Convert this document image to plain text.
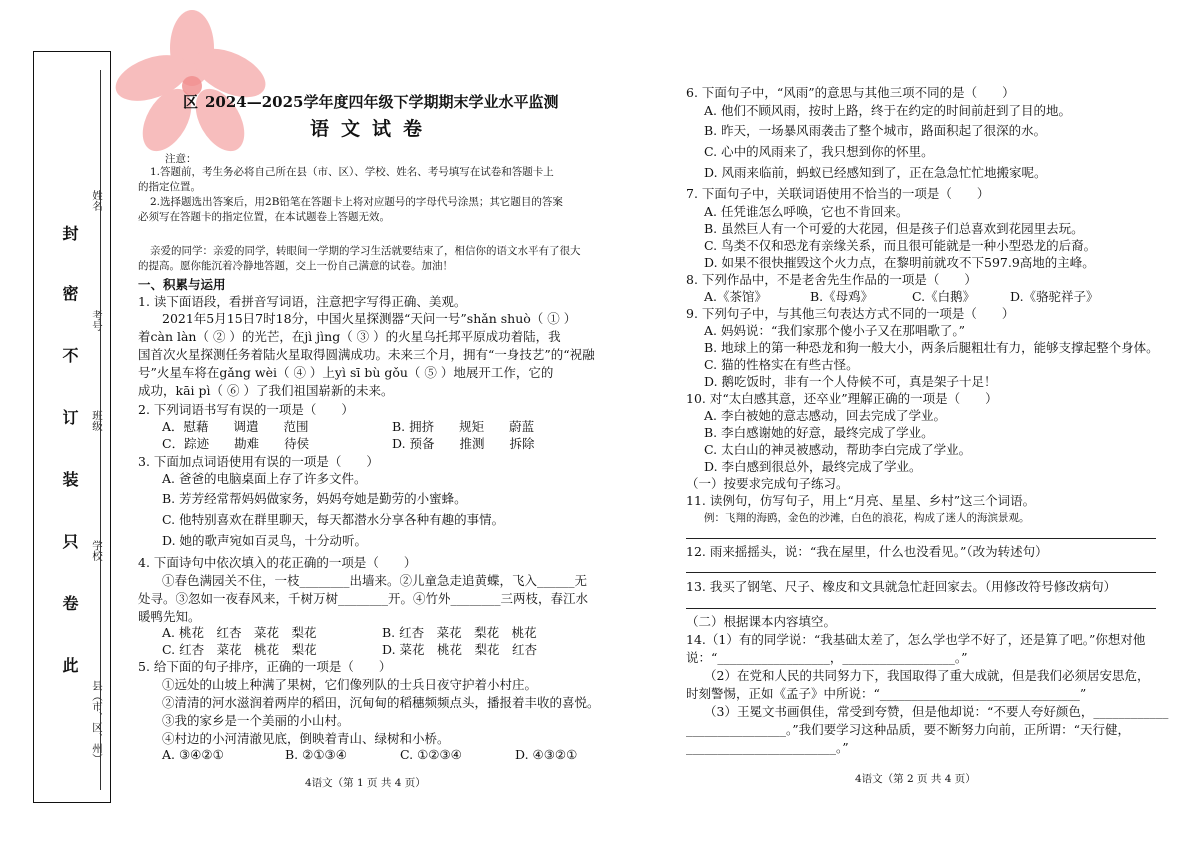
封
密
不
订
装
只
卷
此
姓名
考号
班级
学校
县（市、区、州）
区 2024—2025学年度四年级下学期期末学业水平监测
语文试卷
注意：
1.答题前，考生务必将自己所在县（市、区）、学校、姓名、考号填写在试卷和答题卡上
的指定位置。
2.选择题选出答案后，用2B铅笔在答题卡上将对应题号的字母代号涂黑；其它题目的答案
必须写在答题卡的指定位置，在本试题卷上答题无效。
亲爱的同学：亲爱的同学，转眼间一学期的学习生活就要结束了，相信你的语文水平有了很大
的提高。愿你能沉着冷静地答题，交上一份自己满意的试卷。加油！
一、积累与运用
1. 读下面语段，看拼音写词语，注意把字写得正确、美观。
2021年5月15日7时18分，中国火星探测器“天问一号”shǎn shuò（ ① ）
着càn làn（ ② ）的光芒，在jì jìng（ ③ ）的火星乌托邦平原成功着陆，我
国首次火星探测任务着陆火星取得圆满成功。未来三个月，拥有“一身技艺”的“祝融
号”火星车将在gǎng wèi（ ④ ）上yì sī bù gǒu（ ⑤ ）地展开工作，它的
成功，kāi pì（ ⑥ ）了我们祖国崭新的未来。
2. 下列词语书写有误的一项是（　　）
A．慰藉　　调遣　　范围	B. 拥挤　　规矩　　蔚蓝
C．踪迹　　勘难　　待侯	D. 预备　　推测　　拆除
3. 下面加点词语使用有误的一项是（　　）
A. 爸爸的电脑桌面上存了许多文件。
B. 芳芳经常帮妈妈做家务，妈妈夸她是勤劳的小蜜蜂。
C. 他特别喜欢在群里聊天，每天都潜水分享各种有趣的事情。
D. 她的歌声宛如百灵鸟，十分动听。
4. 下面诗句中依次填入的花正确的一项是（　　）
①春色满园关不住，一枝________出墙来。②儿童急走追黄蝶，飞入______无
处寻。③忽如一夜春风来，千树万树________开。④竹外________三两枝，春江水
暖鸭先知。
A. 桃花　红杏　菜花　梨花	B. 红杏　菜花　梨花　桃花
C. 红杏　菜花　桃花　梨花	D. 菜花　桃花　梨花　红杏
5. 给下面的句子排序，正确的一项是（　　）
①远处的山坡上种满了果树，它们像列队的士兵日夜守护着小村庄。
②清清的河水滋润着两岸的稻田，沉甸甸的稻穗频频点头，播报着丰收的喜悦。
③我的家乡是一个美丽的小山村。
④村边的小河清澈见底，倒映着青山、绿树和小桥。
A. ③④②①	B. ②①③④	C. ①②③④	D. ④③②①
4语文（第 1 页 共 4 页）
6. 下面句子中，“风雨”的意思与其他三项不同的是（　　）
A. 他们不顾风雨，按时上路，终于在约定的时间前赶到了目的地。
B. 昨天，一场暴风雨袭击了整个城市，路面积起了很深的水。
C. 心中的风雨来了，我只想到你的怀里。
D. 风雨来临前，蚂蚁已经感知到了，正在急急忙忙地搬家呢。
7. 下面句子中，关联词语使用不恰当的一项是（　　）
A. 任凭谁怎么呼唤，它也不肯回来。
B. 虽然巨人有一个可爱的大花园，但是孩子们总喜欢到花园里去玩。
C. 鸟类不仅和恐龙有亲缘关系，而且很可能就是一种小型恐龙的后裔。
D. 如果不很快摧毁这个火力点，在黎明前就攻不下597.9高地的主峰。
8. 下列作品中，不是老舍先生作品的一项是（　　）
A.《茶馆》	B.《母鸡》	C.《白鹅》	D.《骆驼祥子》
9. 下列句子中，与其他三句表达方式不同的一项是（　　）
A. 妈妈说：“我们家那个傻小子又在那唱歌了。”
B. 地球上的第一种恐龙和狗一般大小，两条后腿粗壮有力，能够支撑起整个身体。
C. 猫的性格实在有些古怪。
D. 鹅吃饭时，非有一个人侍候不可，真是架子十足！
10. 对“太白感其意，还卒业”理解正确的一项是（　　）
A. 李白被她的意志感动，回去完成了学业。
B. 李白感谢她的好意，最终完成了学业。
C. 太白山的神灵被感动，帮助李白完成了学业。
D. 李白感到很总外，最终完成了学业。
（一）按要求完成句子练习。
11. 读例句，仿写句子，用上“月亮、星星、乡村”这三个词语。
例：飞翔的海鸥，金色的沙滩，白色的浪花，构成了迷人的海滨景观。
12. 雨来摇摇头，说：“我在屋里，什么也没看见。”（改为转述句）
13. 我买了钢笔、尺子、橡皮和文具就急忙赶回家去。（用修改符号修改病句）
（二）根据课本内容填空。
14.（1）有的同学说：“我基础太差了，怎么学也学不好了，还是算了吧。”你想对他
说：“__________________，__________________。”
（2）在党和人民的共同努力下，我国取得了重大成就，但是我们必须居安思危，
时刻警惕，正如《孟子》中所说：“________________________________”
（3）王冕文书画俱佳，常受到夸赞，但是他却说：“不要人夸好颜色，____________
________________。”我们要学习这种品质，要不断努力向前，正所谓：“天行健，
________________________。”
4语文（第 2 页 共 4 页）
